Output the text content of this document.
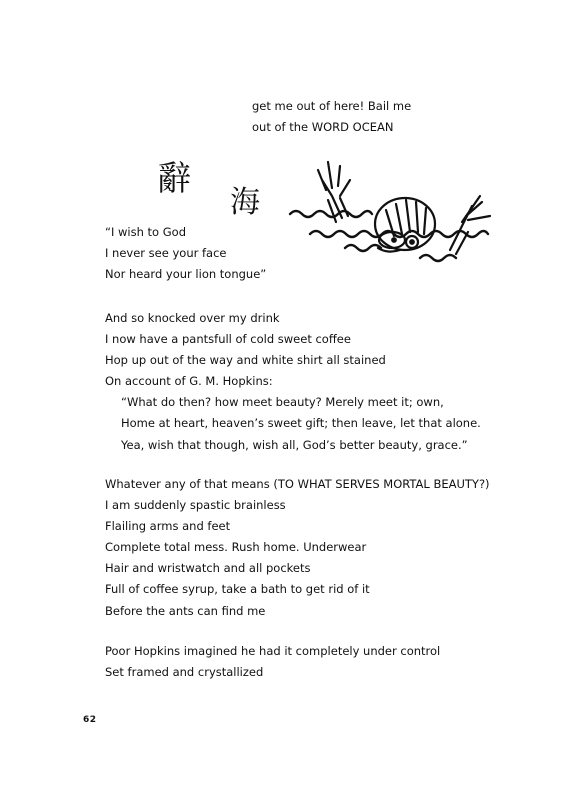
get me out of here! Bail me
out of the WORD OCEAN
辭
海
“I wish to God
I never see your face
Nor heard your lion tongue”
And so knocked over my drink
I now have a pantsfull of cold sweet coffee
Hop up out of the way and white shirt all stained
On account of G. M. Hopkins:
“What do then? how meet beauty? Merely meet it; own,
Home at heart, heaven’s sweet gift; then leave, let that alone.
Yea, wish that though, wish all, God’s better beauty, grace.”
Whatever any of that means (TO WHAT SERVES MORTAL BEAUTY?)
I am suddenly spastic brainless
Flailing arms and feet
Complete total mess. Rush home. Underwear
Hair and wristwatch and all pockets
Full of coffee syrup, take a bath to get rid of it
Before the ants can find me
Poor Hopkins imagined he had it completely under control
Set framed and crystallized
62
